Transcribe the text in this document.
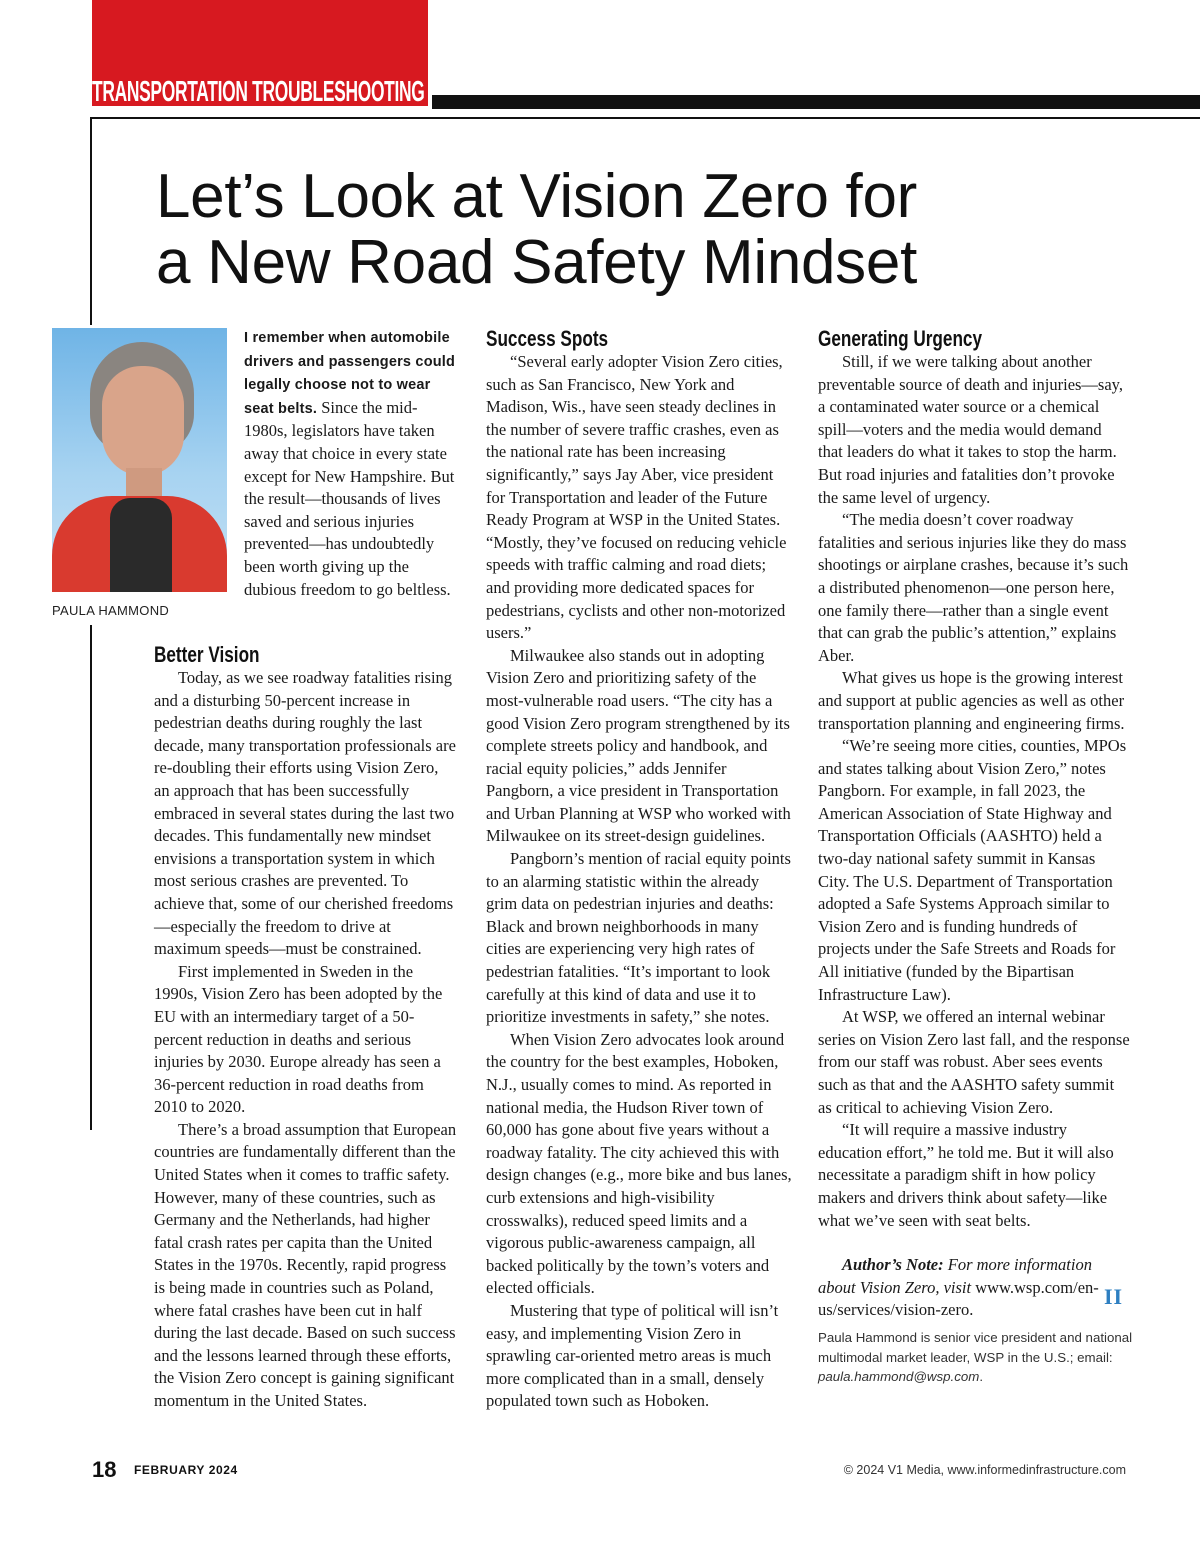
TRANSPORTATION TROUBLESHOOTING
Let’s Look at Vision Zero for
a New Road Safety Mindset
PAULA HAMMOND

I remember when automobile drivers and passengers could legally choose not to wear seat belts. Since the mid-1980s, legislators have taken away that choice in every state except for New Hampshire. But the result—thousands of lives saved and serious injuries prevented—has undoubtedly been worth giving up the dubious freedom to go beltless.

Better Vision

Today, as we see roadway fatalities rising and a disturbing 50-percent increase in pedestrian deaths during roughly the last decade, many transportation professionals are re-doubling their efforts using Vision Zero, an approach that has been successfully embraced in several states during the last two decades. This fundamentally new mindset envisions a transportation system in which most serious crashes are prevented. To achieve that, some of our cherished freedoms—especially the freedom to drive at maximum speeds—must be constrained.

First implemented in Sweden in the 1990s, Vision Zero has been adopted by the EU with an intermediary target of a 50-percent reduction in deaths and serious injuries by 2030. Europe already has seen a 36-percent reduction in road deaths from 2010 to 2020.

There’s a broad assumption that European countries are fundamentally different than the United States when it comes to traffic safety. However, many of these countries, such as Germany and the Netherlands, had higher fatal crash rates per capita than the United States in the 1970s. Recently, rapid progress is being made in countries such as Poland, where fatal crashes have been cut in half during the last decade. Based on such success and the lessons learned through these efforts, the Vision Zero concept is gaining significant momentum in the United States.

Success Spots

“Several early adopter Vision Zero cities, such as San Francisco, New York and Madison, Wis., have seen steady declines in the number of severe traffic crashes, even as the national rate has been increasing significantly,” says Jay Aber, vice president for Transportation and leader of the Future Ready Program at WSP in the United States. “Mostly, they’ve focused on reducing vehicle speeds with traffic calming and road diets; and providing more dedicated spaces for pedestrians, cyclists and other non-motorized users.”

Milwaukee also stands out in adopting Vision Zero and prioritizing safety of the most-vulnerable road users. “The city has a good Vision Zero program strengthened by its complete streets policy and handbook, and racial equity policies,” adds Jennifer Pangborn, a vice president in Transportation and Urban Planning at WSP who worked with Milwaukee on its street-design guidelines.

Pangborn’s mention of racial equity points to an alarming statistic within the already grim data on pedestrian injuries and deaths: Black and brown neighborhoods in many cities are experiencing very high rates of pedestrian fatalities. “It’s important to look carefully at this kind of data and use it to prioritize investments in safety,” she notes.

When Vision Zero advocates look around the country for the best examples, Hoboken, N.J., usually comes to mind. As reported in national media, the Hudson River town of 60,000 has gone about five years without a roadway fatality. The city achieved this with design changes (e.g., more bike and bus lanes, curb extensions and high-visibility crosswalks), reduced speed limits and a vigorous public-awareness campaign, all backed politically by the town’s voters and elected officials.

Mustering that type of political will isn’t easy, and implementing Vision Zero in sprawling car-oriented metro areas is much more complicated than in a small, densely populated town such as Hoboken.

Generating Urgency

Still, if we were talking about another preventable source of death and injuries—say, a contaminated water source or a chemical spill—voters and the media would demand that leaders do what it takes to stop the harm. But road injuries and fatalities don’t provoke the same level of urgency.

“The media doesn’t cover roadway fatalities and serious injuries like they do mass shootings or airplane crashes, because it’s such a distributed phenomenon—one person here, one family there—rather than a single event that can grab the public’s attention,” explains Aber.

What gives us hope is the growing interest and support at public agencies as well as other transportation planning and engineering firms.

“We’re seeing more cities, counties, MPOs and states talking about Vision Zero,” notes Pangborn. For example, in fall 2023, the American Association of State Highway and Transportation Officials (AASHTO) held a two-day national safety summit in Kansas City. The U.S. Department of Transportation adopted a Safe Systems Approach similar to Vision Zero and is funding hundreds of projects under the Safe Streets and Roads for All initiative (funded by the Bipartisan Infrastructure Law).

At WSP, we offered an internal webinar series on Vision Zero last fall, and the response from our staff was robust. Aber sees events such as that and the AASHTO safety summit as critical to achieving Vision Zero.

“It will require a massive industry education effort,” he told me. But it will also necessitate a paradigm shift in how policy makers and drivers think about safety—like what we’ve seen with seat belts.

Author’s Note: For more information about Vision Zero, visit www.wsp.com/en-us/services/vision-zero.

II
Paula Hammond is senior vice president and national multimodal market leader, WSP in the U.S.; email: paula.hammond@wsp.com.
18 FEBRUARY 2024	© 2024 V1 Media, www.informedinfrastructure.com
